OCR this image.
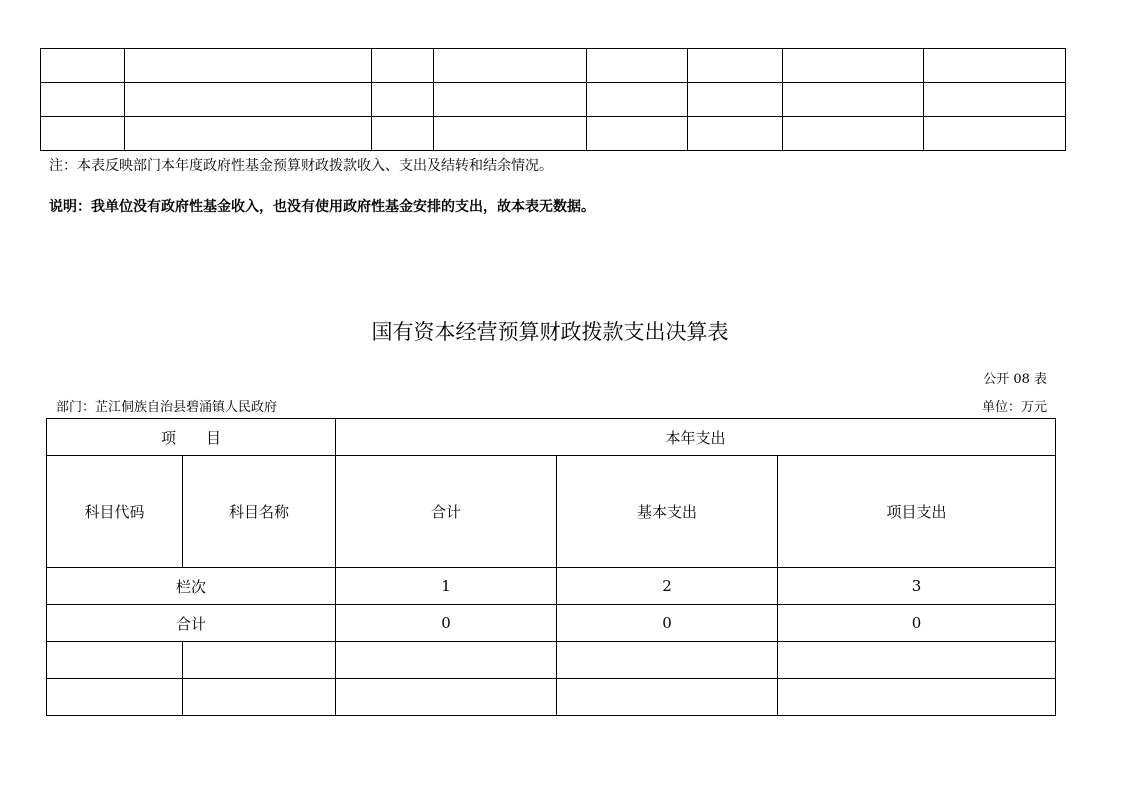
注：本表反映部门本年度政府性基金预算财政拨款收入、支出及结转和结余情况。
说明：我单位没有政府性基金收入，也没有使用政府性基金安排的支出，故本表无数据。
国有资本经营预算财政拨款支出决算表
公开 08 表
部门：芷江侗族自治县碧涌镇人民政府	单位：万元
项　　目		本年支出		
科目代码	科目名称	合计	基本支出	项目支出
栏次		1	2	3
合计		0	0	0
